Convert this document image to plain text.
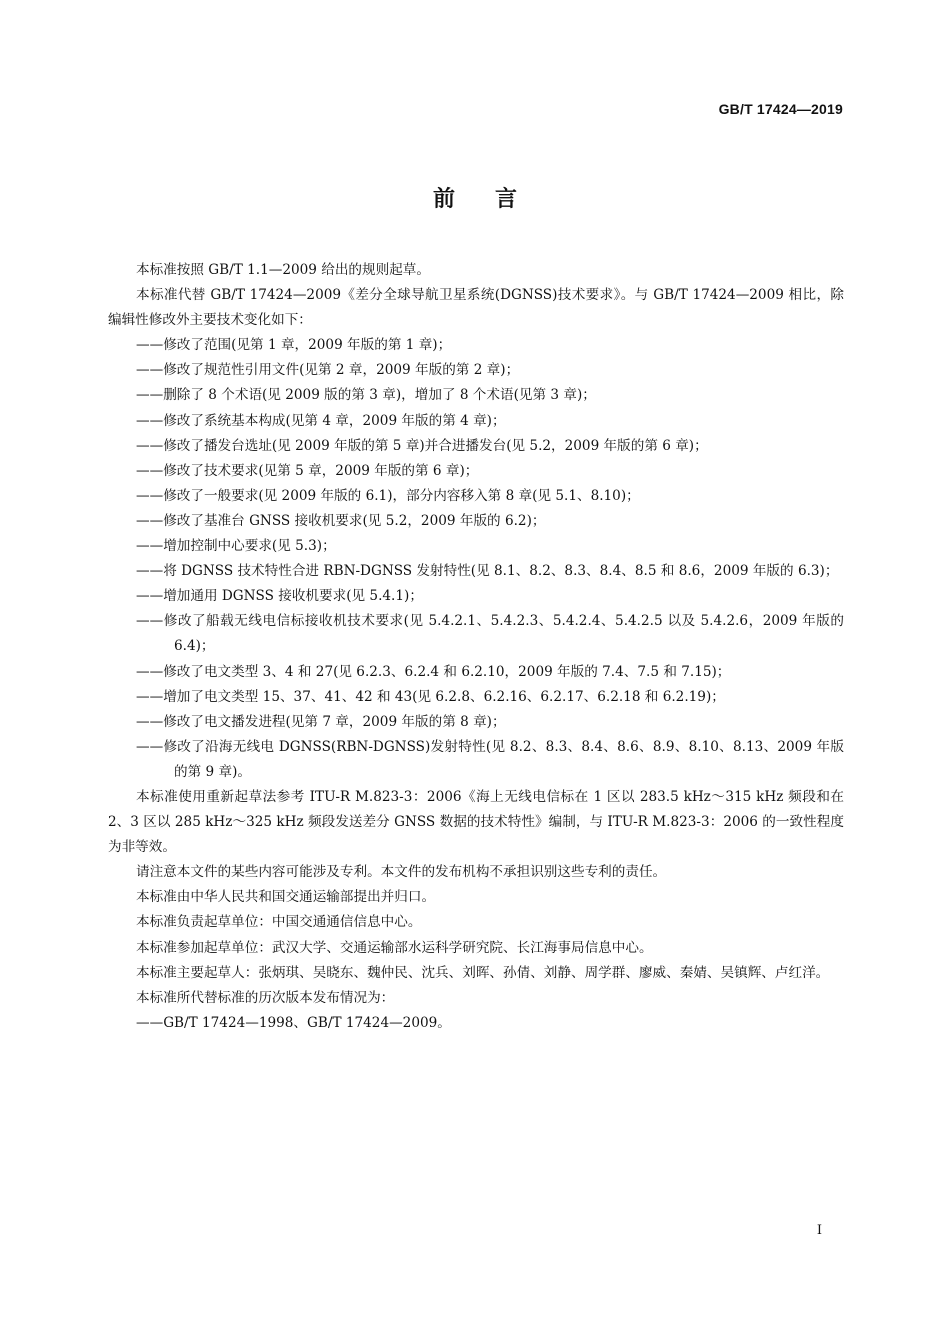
GB/T 17424—2019
前言

本标准按照 GB/T 1.1—2009 给出的规则起草。

本标准代替 GB/T 17424—2009《差分全球导航卫星系统(DGNSS)技术要求》。与 GB/T 17424—2009 相比，除编辑性修改外主要技术变化如下：

——修改了范围(见第 1 章，2009 年版的第 1 章)；

——修改了规范性引用文件(见第 2 章，2009 年版的第 2 章)；

——删除了 8 个术语(见 2009 版的第 3 章)，增加了 8 个术语(见第 3 章)；

——修改了系统基本构成(见第 4 章，2009 年版的第 4 章)；

——修改了播发台选址(见 2009 年版的第 5 章)并合进播发台(见 5.2，2009 年版的第 6 章)；

——修改了技术要求(见第 5 章，2009 年版的第 6 章)；

——修改了一般要求(见 2009 年版的 6.1)，部分内容移入第 8 章(见 5.1、8.10)；

——修改了基准台 GNSS 接收机要求(见 5.2，2009 年版的 6.2)；

——增加控制中心要求(见 5.3)；

——将 DGNSS 技术特性合进 RBN-DGNSS 发射特性(见 8.1、8.2、8.3、8.4、8.5 和 8.6，2009 年版的 6.3)；

——增加通用 DGNSS 接收机要求(见 5.4.1)；

——修改了船载无线电信标接收机技术要求(见 5.4.2.1、5.4.2.3、5.4.2.4、5.4.2.5 以及 5.4.2.6，2009 年版的 6.4)；

——修改了电文类型 3、4 和 27(见 6.2.3、6.2.4 和 6.2.10，2009 年版的 7.4、7.5 和 7.15)；

——增加了电文类型 15、37、41、42 和 43(见 6.2.8、6.2.16、6.2.17、6.2.18 和 6.2.19)；

——修改了电文播发进程(见第 7 章，2009 年版的第 8 章)；

——修改了沿海无线电 DGNSS(RBN-DGNSS)发射特性(见 8.2、8.3、8.4、8.6、8.9、8.10、8.13、2009 年版的第 9 章)。

本标准使用重新起草法参考 ITU-R M.823-3：2006《海上无线电信标在 1 区以 283.5 kHz～315 kHz 频段和在 2、3 区以 285 kHz～325 kHz 频段发送差分 GNSS 数据的技术特性》编制，与 ITU-R M.823-3：2006 的一致性程度为非等效。

请注意本文件的某些内容可能涉及专利。本文件的发布机构不承担识别这些专利的责任。

本标准由中华人民共和国交通运输部提出并归口。

本标准负责起草单位：中国交通通信信息中心。

本标准参加起草单位：武汉大学、交通运输部水运科学研究院、长江海事局信息中心。

本标准主要起草人：张炳琪、吴晓东、魏仲民、沈兵、刘晖、孙倩、刘静、周学群、廖威、秦婧、吴镇辉、卢红洋。

本标准所代替标准的历次版本发布情况为：

——GB/T 17424—1998、GB/T 17424—2009。

I
